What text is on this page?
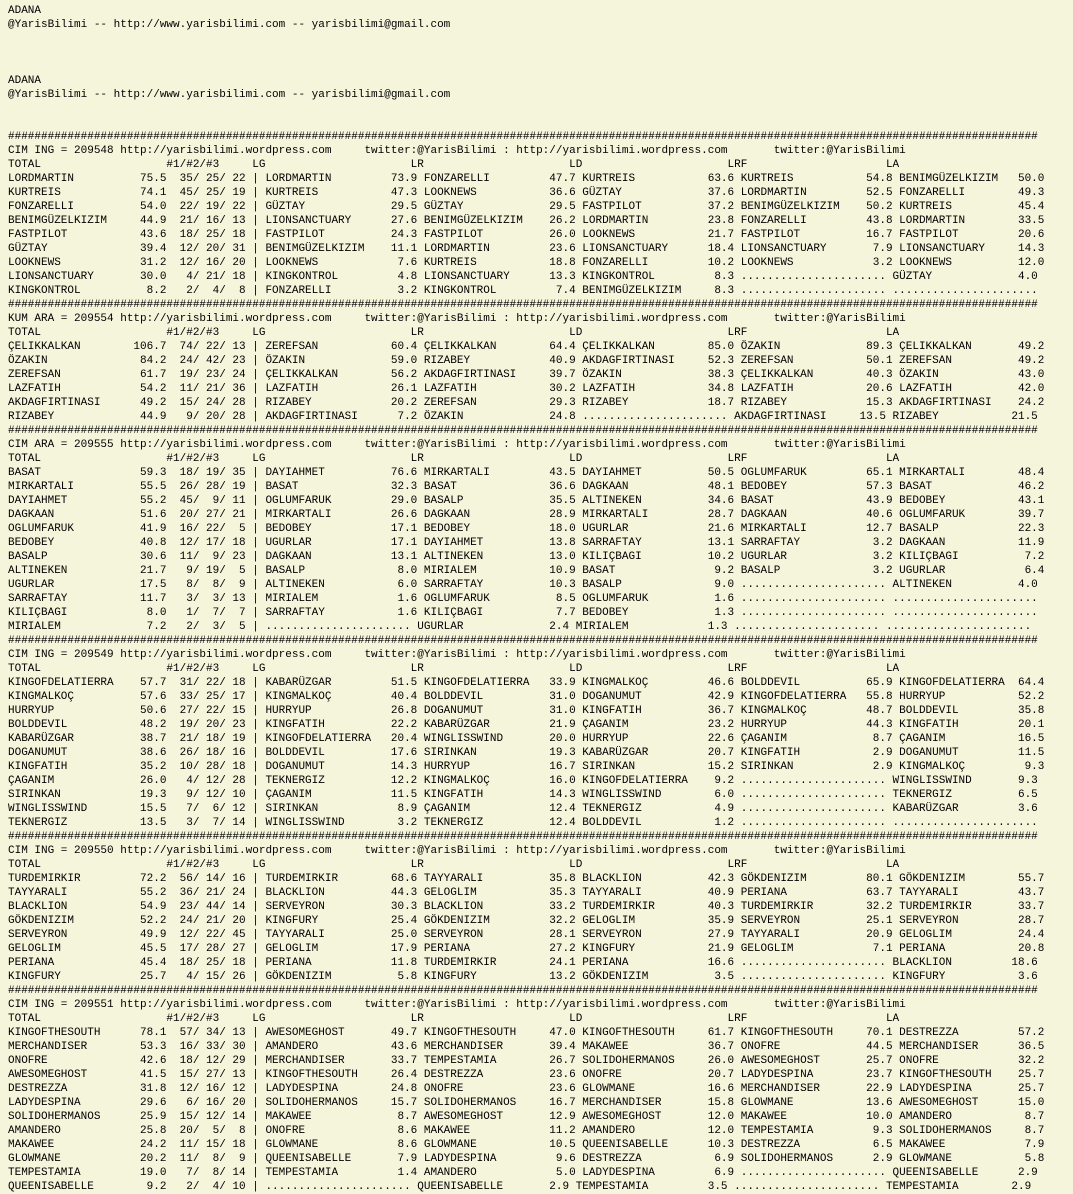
ADANA
@YarisBilimi -- http://www.yarisbilimi.com -- yarisbilimi@gmail.com

ADANA
@YarisBilimi -- http://www.yarisbilimi.com -- yarisbilimi@gmail.com

############################################################################################################################################################
CIM ING = 209548 http://yarisbilimi.wordpress.com     twitter:@YarisBilimi : http://yarisbilimi.wordpress.com       twitter:@YarisBilimi
TOTAL                   #1/#2/#3     LG                      LR                      LD                      LRF                     LA
LORDMARTIN          75.5  35/ 25/ 22 | LORDMARTIN         73.9 FONZARELLI         47.7 KURTREIS           63.6 KURTREIS           54.8 BENIMGÜZELKIZIM   50.0
KURTREIS            74.1  45/ 25/ 19 | KURTREIS           47.3 LOOKNEWS           36.6 GÜZTAY             37.6 LORDMARTIN         52.5 FONZARELLI        49.3
FONZARELLI          54.0  22/ 19/ 22 | GÜZTAY             29.5 GÜZTAY             29.5 FASTPILOT          37.2 BENIMGÜZELKIZIM    50.2 KURTREIS          45.4
BENIMGÜZELKIZIM     44.9  21/ 16/ 13 | LIONSANCTUARY      27.6 BENIMGÜZELKIZIM    26.2 LORDMARTIN         23.8 FONZARELLI         43.8 LORDMARTIN        33.5
FASTPILOT           43.6  18/ 25/ 18 | FASTPILOT          24.3 FASTPILOT          26.0 LOOKNEWS           21.7 FASTPILOT          16.7 FASTPILOT         20.6
GÜZTAY              39.4  12/ 20/ 31 | BENIMGÜZELKIZIM    11.1 LORDMARTIN         23.6 LIONSANCTUARY      18.4 LIONSANCTUARY       7.9 LIONSANCTUARY     14.3
LOOKNEWS            31.2  12/ 16/ 20 | LOOKNEWS            7.6 KURTREIS           18.8 FONZARELLI         10.2 LOOKNEWS            3.2 LOOKNEWS          12.0
LIONSANCTUARY       30.0   4/ 21/ 18 | KINGKONTROL         4.8 LIONSANCTUARY      13.3 KINGKONTROL         8.3 ...................... GÜZTAY             4.0
KINGKONTROL          8.2   2/  4/  8 | FONZARELLI          3.2 KINGKONTROL         7.4 BENIMGÜZELKIZIM     8.3 ...................... ......................
############################################################################################################################################################
KUM ARA = 209554 http://yarisbilimi.wordpress.com     twitter:@YarisBilimi : http://yarisbilimi.wordpress.com       twitter:@YarisBilimi
TOTAL                   #1/#2/#3     LG                      LR                      LD                      LRF                     LA
ÇELIKKALKAN        106.7  74/ 22/ 13 | ZEREFSAN           60.4 ÇELIKKALKAN        64.4 ÇELIKKALKAN        85.0 ÖZAKIN             89.3 ÇELIKKALKAN       49.2
ÖZAKIN              84.2  24/ 42/ 23 | ÖZAKIN             59.0 RIZABEY            40.9 AKDAGFIRTINASI     52.3 ZEREFSAN           50.1 ZEREFSAN          49.2
ZEREFSAN            61.7  19/ 23/ 24 | ÇELIKKALKAN        56.2 AKDAGFIRTINASI     39.7 ÖZAKIN             38.3 ÇELIKKALKAN        40.3 ÖZAKIN            43.0
LAZFATIH            54.2  11/ 21/ 36 | LAZFATIH           26.1 LAZFATIH           30.2 LAZFATIH           34.8 LAZFATIH           20.6 LAZFATIH          42.0
AKDAGFIRTINASI      49.2  15/ 24/ 28 | RIZABEY            20.2 ZEREFSAN           29.3 RIZABEY            18.7 RIZABEY            15.3 AKDAGFIRTINASI    24.2
RIZABEY             44.9   9/ 20/ 28 | AKDAGFIRTINASI      7.2 ÖZAKIN             24.8 ...................... AKDAGFIRTINASI     13.5 RIZABEY           21.5
############################################################################################################################################################
CIM ARA = 209555 http://yarisbilimi.wordpress.com     twitter:@YarisBilimi : http://yarisbilimi.wordpress.com       twitter:@YarisBilimi
TOTAL                   #1/#2/#3     LG                      LR                      LD                      LRF                     LA
BASAT               59.3  18/ 19/ 35 | DAYIAHMET          76.6 MIRKARTALI         43.5 DAYIAHMET          50.5 OGLUMFARUK         65.1 MIRKARTALI        48.4
MIRKARTALI          55.5  26/ 28/ 19 | BASAT              32.3 BASAT              36.6 DAGKAAN            48.1 BEDOBEY            57.3 BASAT             46.2
DAYIAHMET           55.2  45/  9/ 11 | OGLUMFARUK         29.0 BASALP             35.5 ALTINEKEN          34.6 BASAT              43.9 BEDOBEY           43.1
DAGKAAN             51.6  20/ 27/ 21 | MIRKARTALI         26.6 DAGKAAN            28.9 MIRKARTALI         28.7 DAGKAAN            40.6 OGLUMFARUK        39.7
OGLUMFARUK          41.9  16/ 22/  5 | BEDOBEY            17.1 BEDOBEY            18.0 UGURLAR            21.6 MIRKARTALI         12.7 BASALP            22.3
BEDOBEY             40.8  12/ 17/ 18 | UGURLAR            17.1 DAYIAHMET          13.8 SARRAFTAY          13.1 SARRAFTAY           3.2 DAGKAAN           11.9
BASALP              30.6  11/  9/ 23 | DAGKAAN            13.1 ALTINEKEN          13.0 KILIÇBAGI          10.2 UGURLAR             3.2 KILIÇBAGI          7.2
ALTINEKEN           21.7   9/ 19/  5 | BASALP              8.0 MIRIALEM           10.9 BASAT               9.2 BASALP              3.2 UGURLAR            6.4
UGURLAR             17.5   8/  8/  9 | ALTINEKEN           6.0 SARRAFTAY          10.3 BASALP              9.0 ...................... ALTINEKEN          4.0
SARRAFTAY           11.7   3/  3/ 13 | MIRIALEM            1.6 OGLUMFARUK          8.5 OGLUMFARUK          1.6 ...................... ......................
KILIÇBAGI            8.0   1/  7/  7 | SARRAFTAY           1.6 KILIÇBAGI           7.7 BEDOBEY             1.3 ...................... ......................
MIRIALEM             7.2   2/  3/  5 | ...................... UGURLAR             2.4 MIRIALEM            1.3 ...................... ......................
############################################################################################################################################################
CIM ING = 209549 http://yarisbilimi.wordpress.com     twitter:@YarisBilimi : http://yarisbilimi.wordpress.com       twitter:@YarisBilimi
TOTAL                   #1/#2/#3     LG                      LR                      LD                      LRF                     LA
KINGOFDELATIERRA    57.7  31/ 22/ 18 | KABARÜZGAR         51.5 KINGOFDELATIERRA   33.9 KINGMALKOÇ         46.6 BOLDDEVIL          65.9 KINGOFDELATIERRA  64.4
KINGMALKOÇ          57.6  33/ 25/ 17 | KINGMALKOÇ         40.4 BOLDDEVIL          31.0 DOGANUMUT          42.9 KINGOFDELATIERRA   55.8 HURRYUP           52.2
HURRYUP             50.6  27/ 22/ 15 | HURRYUP            26.8 DOGANUMUT          31.0 KINGFATIH          36.7 KINGMALKOÇ         48.7 BOLDDEVIL         35.8
BOLDDEVIL           48.2  19/ 20/ 23 | KINGFATIH          22.2 KABARÜZGAR         21.9 ÇAGANIM            23.2 HURRYUP            44.3 KINGFATIH         20.1
KABARÜZGAR          38.7  21/ 18/ 19 | KINGOFDELATIERRA   20.4 WINGLISSWIND       20.0 HURRYUP            22.6 ÇAGANIM             8.7 ÇAGANIM           16.5
DOGANUMUT           38.6  26/ 18/ 16 | BOLDDEVIL          17.6 SIRINKAN           19.3 KABARÜZGAR         20.7 KINGFATIH           2.9 DOGANUMUT         11.5
KINGFATIH           35.2  10/ 28/ 18 | DOGANUMUT          14.3 HURRYUP            16.7 SIRINKAN           15.2 SIRINKAN            2.9 KINGMALKOÇ         9.3
ÇAGANIM             26.0   4/ 12/ 28 | TEKNERGIZ          12.2 KINGMALKOÇ         16.0 KINGOFDELATIERRA    9.2 ...................... WINGLISSWIND       9.3
SIRINKAN            19.3   9/ 12/ 10 | ÇAGANIM            11.5 KINGFATIH          14.3 WINGLISSWIND        6.0 ...................... TEKNERGIZ          6.5
WINGLISSWIND        15.5   7/  6/ 12 | SIRINKAN            8.9 ÇAGANIM            12.4 TEKNERGIZ           4.9 ...................... KABARÜZGAR         3.6
TEKNERGIZ           13.5   3/  7/ 14 | WINGLISSWIND        3.2 TEKNERGIZ          12.4 BOLDDEVIL           1.2 ...................... ......................
############################################################################################################################################################
CIM ING = 209550 http://yarisbilimi.wordpress.com     twitter:@YarisBilimi : http://yarisbilimi.wordpress.com       twitter:@YarisBilimi
TOTAL                   #1/#2/#3     LG                      LR                      LD                      LRF                     LA
TURDEMIRKIR         72.2  56/ 14/ 16 | TURDEMIRKIR        68.6 TAYYARALI          35.8 BLACKLION          42.3 GÖKDENIZIM         80.1 GÖKDENIZIM        55.7
TAYYARALI           55.2  36/ 21/ 24 | BLACKLION          44.3 GELOGLIM           35.3 TAYYARALI          40.9 PERIANA            63.7 TAYYARALI         43.7
BLACKLION           54.9  23/ 44/ 14 | SERVEYRON          30.3 BLACKLION          33.2 TURDEMIRKIR        40.3 TURDEMIRKIR        32.2 TURDEMIRKIR       33.7
GÖKDENIZIM          52.2  24/ 21/ 20 | KINGFURY           25.4 GÖKDENIZIM         32.2 GELOGLIM           35.9 SERVEYRON          25.1 SERVEYRON         28.7
SERVEYRON           49.9  12/ 22/ 45 | TAYYARALI          25.0 SERVEYRON          28.1 SERVEYRON          27.9 TAYYARALI          20.9 GELOGLIM          24.4
GELOGLIM            45.5  17/ 28/ 27 | GELOGLIM           17.9 PERIANA            27.2 KINGFURY           21.9 GELOGLIM            7.1 PERIANA           20.8
PERIANA             45.4  18/ 25/ 18 | PERIANA            11.8 TURDEMIRKIR        24.1 PERIANA            16.6 ...................... BLACKLION         18.6
KINGFURY            25.7   4/ 15/ 26 | GÖKDENIZIM          5.8 KINGFURY           13.2 GÖKDENIZIM          3.5 ...................... KINGFURY           3.6
############################################################################################################################################################
CIM ING = 209551 http://yarisbilimi.wordpress.com     twitter:@YarisBilimi : http://yarisbilimi.wordpress.com       twitter:@YarisBilimi
TOTAL                   #1/#2/#3     LG                      LR                      LD                      LRF                     LA
KINGOFTHESOUTH      78.1  57/ 34/ 13 | AWESOMEGHOST       49.7 KINGOFTHESOUTH     47.0 KINGOFTHESOUTH     61.7 KINGOFTHESOUTH     70.1 DESTREZZA         57.2
MERCHANDISER        53.3  16/ 33/ 30 | AMANDERO           43.6 MERCHANDISER       39.4 MAKAWEE            36.7 ONOFRE             44.5 MERCHANDISER      36.5
ONOFRE              42.6  18/ 12/ 29 | MERCHANDISER       33.7 TEMPESTAMIA        26.7 SOLIDOHERMANOS     26.0 AWESOMEGHOST       25.7 ONOFRE            32.2
AWESOMEGHOST        41.5  15/ 27/ 13 | KINGOFTHESOUTH     26.4 DESTREZZA          23.6 ONOFRE             20.7 LADYDESPINA        23.7 KINGOFTHESOUTH    25.7
DESTREZZA           31.8  12/ 16/ 12 | LADYDESPINA        24.8 ONOFRE             23.6 GLOWMANE           16.6 MERCHANDISER       22.9 LADYDESPINA       25.7
LADYDESPINA         29.6   6/ 16/ 20 | SOLIDOHERMANOS     15.7 SOLIDOHERMANOS     16.7 MERCHANDISER       15.8 GLOWMANE           13.6 AWESOMEGHOST      15.0
SOLIDOHERMANOS      25.9  15/ 12/ 14 | MAKAWEE             8.7 AWESOMEGHOST       12.9 AWESOMEGHOST       12.0 MAKAWEE            10.0 AMANDERO           8.7
AMANDERO            25.8  20/  5/  8 | ONOFRE              8.6 MAKAWEE            11.2 AMANDERO           12.0 TEMPESTAMIA         9.3 SOLIDOHERMANOS     8.7
MAKAWEE             24.2  11/ 15/ 18 | GLOWMANE            8.6 GLOWMANE           10.5 QUEENISABELLE      10.3 DESTREZZA           6.5 MAKAWEE            7.9
GLOWMANE            20.2  11/  8/  9 | QUEENISABELLE       7.9 LADYDESPINA         9.6 DESTREZZA           6.9 SOLIDOHERMANOS      2.9 GLOWMANE           5.8
TEMPESTAMIA         19.0   7/  8/ 14 | TEMPESTAMIA         1.4 AMANDERO            5.0 LADYDESPINA         6.9 ...................... QUEENISABELLE      2.9
QUEENISABELLE        9.2   2/  4/ 10 | ...................... QUEENISABELLE       2.9 TEMPESTAMIA         3.5 ...................... TEMPESTAMIA        2.9
